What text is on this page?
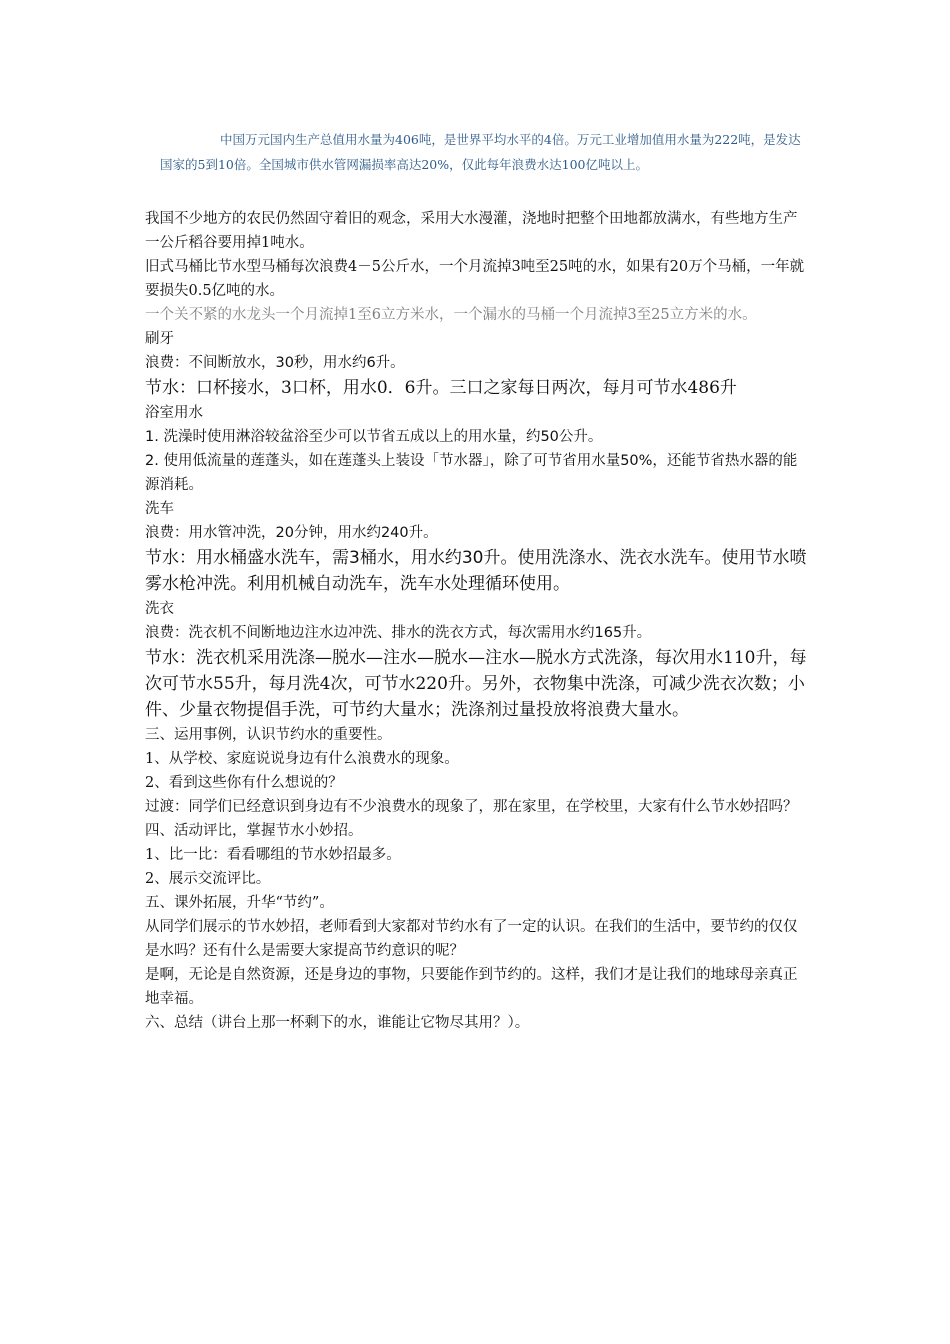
中国万元国内生产总值用水量为406吨，是世界平均水平的4倍。万元工业增加值用水量为222吨，是发达国家的5到10倍。全国城市供水管网漏损率高达20%，仅此每年浪费水达100亿吨以上。

我国不少地方的农民仍然固守着旧的观念，采用大水漫灌，浇地时把整个田地都放满水，有些地方生产一公斤稻谷要用掉1吨水。

旧式马桶比节水型马桶每次浪费4－5公斤水，一个月流掉3吨至25吨的水，如果有20万个马桶，一年就要损失0.5亿吨的水。

一个关不紧的水龙头一个月流掉1至6立方米水，一个漏水的马桶一个月流掉3至25立方米的水。

刷牙

浪费：不间断放水，30秒，用水约6升。

节水：口杯接水，3口杯，用水0．6升。三口之家每日两次，每月可节水486升

浴室用水

1. 洗澡时使用淋浴较盆浴至少可以节省五成以上的用水量，约50公升。

2. 使用低流量的莲蓬头，如在莲蓬头上装设「节水器」，除了可节省用水量50%，还能节省热水器的能源消耗。

洗车

浪费：用水管冲洗，20分钟，用水约240升。

节水：用水桶盛水洗车，需3桶水，用水约30升。使用洗涤水、洗衣水洗车。使用节水喷雾水枪冲洗。利用机械自动洗车，洗车水处理循环使用。

洗衣

浪费：洗衣机不间断地边注水边冲洗、排水的洗衣方式，每次需用水约165升。

节水：洗衣机采用洗涤—脱水—注水—脱水—注水—脱水方式洗涤，每次用水110升，每次可节水55升，每月洗4次，可节水220升。另外，衣物集中洗涤，可减少洗衣次数；小件、少量衣物提倡手洗，可节约大量水；洗涤剂过量投放将浪费大量水。

三、运用事例，认识节约水的重要性。

1、从学校、家庭说说身边有什么浪费水的现象。

2、看到这些你有什么想说的？

过渡：同学们已经意识到身边有不少浪费水的现象了，那在家里，在学校里，大家有什么节水妙招吗？

四、活动评比，掌握节水小妙招。

1、比一比：看看哪组的节水妙招最多。

2、展示交流评比。

五、课外拓展，升华“节约”。

从同学们展示的节水妙招，老师看到大家都对节约水有了一定的认识。在我们的生活中，要节约的仅仅是水吗？还有什么是需要大家提高节约意识的呢？

是啊，无论是自然资源，还是身边的事物，只要能作到节约的。这样，我们才是让我们的地球母亲真正地幸福。

六、总结（讲台上那一杯剩下的水，谁能让它物尽其用？）。
